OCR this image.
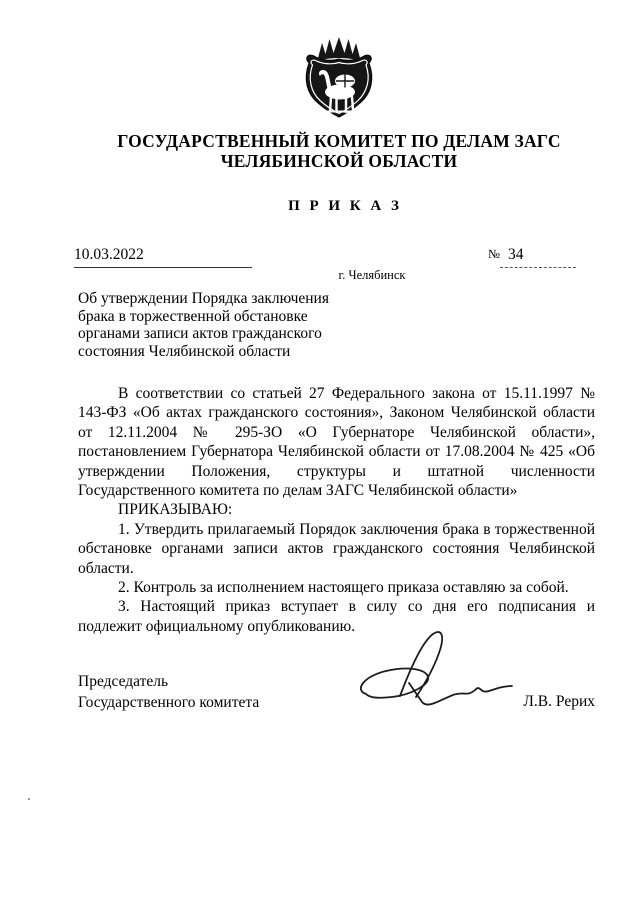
ГОСУДАРСТВЕННЫЙ КОМИТЕТ ПО ДЕЛАМ ЗАГС
ЧЕЛЯБИНСКОЙ ОБЛАСТИ
П Р И К А З
10.03.2022	№ 34
г. Челябинск
Об утверждении Порядка заключения
брака в торжественной обстановке
органами записи актов гражданского
состояния Челябинской области

В соответствии со статьей 27 Федерального закона от 15.11.1997 № 143-ФЗ «Об актах гражданского состояния», Законом Челябинской области от 12.11.2004 № 295-ЗО «О Губернаторе Челябинской области», постановлением Губернатора Челябинской области от 17.08.2004 № 425 «Об утверждении Положения, структуры и штатной численности Государственного комитета по делам ЗАГС Челябинской области»

ПРИКАЗЫВАЮ:

1. Утвердить прилагаемый Порядок заключения брака в торжественной обстановке органами записи актов гражданского состояния Челябинской области.

2. Контроль за исполнением настоящего приказа оставляю за собой.

3. Настоящий приказ вступает в силу со дня его подписания и подлежит официальному опубликованию.

Председатель
Государственного комитета	Л.В. Рерих
